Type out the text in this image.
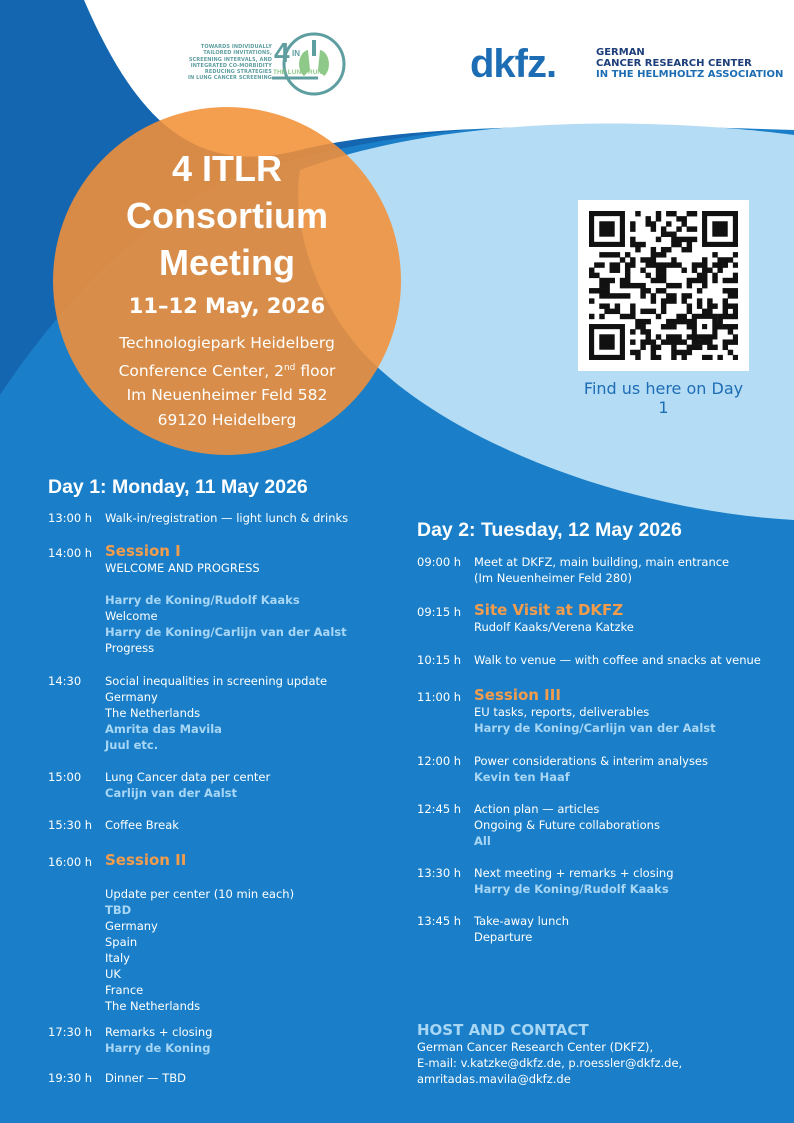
TOWARDS INDIVIDUALLY
TAILORED INVITATIONS,
SCREENING INTERVALS, AND
INTEGRATED CO-MORBIDITY
REDUCING STRATEGIES
IN LUNG CANCER SCREENING
4 IN
THE LUNG RUN	dkfz.	GERMAN
CANCER RESEARCH CENTER
IN THE HELMHOLTZ ASSOCIATION
4 ITLR
Consortium
Meeting
11–12 May, 2026
Technologiepark Heidelberg
Conference Center, 2nd floor
Im Neuenheimer Feld 582
69120 Heidelberg
Find us here on Day 1
Day 1: Monday, 11 May 2026
Day 2: Tuesday, 12 May 2026
13:00 h Walk-in/registration — light lunch & drinks
14:00 h Session I
WELCOME AND PROGRESS
Harry de Koning/Rudolf Kaaks
Welcome
Harry de Koning/Carlijn van der Aalst
Progress
14:30 Social inequalities in screening update
Germany
The Netherlands
Amrita das Mavila
Juul etc.
15:00 Lung Cancer data per center
Carlijn van der Aalst
15:30 h Coffee Break
16:00 h Session II
Update per center (10 min each)
TBD
Germany
Spain
Italy
UK
France
The Netherlands
17:30 h Remarks + closing
Harry de Koning
19:30 h Dinner — TBD
09:00 h Meet at DKFZ, main building, main entrance
(Im Neuenheimer Feld 280)
09:15 h Site Visit at DKFZ
Rudolf Kaaks/Verena Katzke
10:15 h Walk to venue — with coffee and snacks at venue
11:00 h Session III
EU tasks, reports, deliverables
Harry de Koning/Carlijn van der Aalst
12:00 h Power considerations & interim analyses
Kevin ten Haaf
12:45 h Action plan — articles
Ongoing & Future collaborations
All
13:30 h Next meeting + remarks + closing
Harry de Koning/Rudolf Kaaks
13:45 h Take-away lunch
Departure
HOST AND CONTACT
German Cancer Research Center (DKFZ),
E-mail: v.katzke@dkfz.de, p.roessler@dkfz.de,
amritadas.mavila@dkfz.de
